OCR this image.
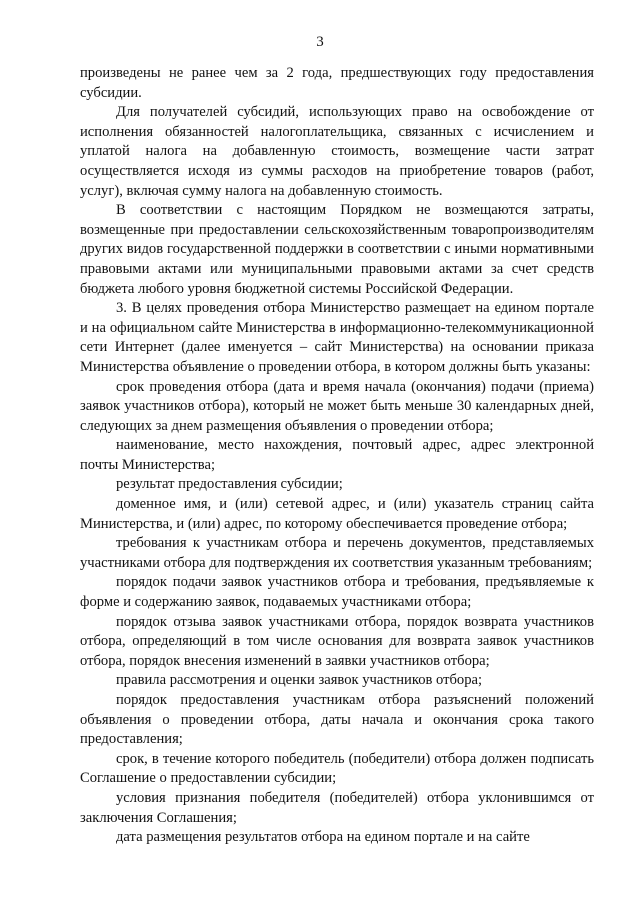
3

произведены не ранее чем за 2 года, предшествующих году предоставления субсидии.

Для получателей субсидий, использующих право на освобождение от исполнения обязанностей налогоплательщика, связанных с исчислением и уплатой налога на добавленную стоимость, возмещение части затрат осуществляется исходя из суммы расходов на приобретение товаров (работ, услуг), включая сумму налога на добавленную стоимость.

В соответствии с настоящим Порядком не возмещаются затраты, возмещенные при предоставлении сельскохозяйственным товаропроизводителям других видов государственной поддержки в соответствии с иными нормативными правовыми актами или муниципальными правовыми актами за счет средств бюджета любого уровня бюджетной системы Российской Федерации.

3. В целях проведения отбора Министерство размещает на едином портале и на официальном сайте Министерства в информационно-телекоммуникационной сети Интернет (далее именуется – сайт Министерства) на основании приказа Министерства объявление о проведении отбора, в котором должны быть указаны:

срок проведения отбора (дата и время начала (окончания) подачи (приема) заявок участников отбора), который не может быть меньше 30 календарных дней, следующих за днем размещения объявления о проведении отбора;

наименование, место нахождения, почтовый адрес, адрес электронной почты Министерства;

результат предоставления субсидии;

доменное имя, и (или) сетевой адрес, и (или) указатель страниц сайта Министерства, и (или) адрес, по которому обеспечивается проведение отбора;

требования к участникам отбора и перечень документов, представляемых участниками отбора для подтверждения их соответствия указанным требованиям;

порядок подачи заявок участников отбора и требования, предъявляемые к форме и содержанию заявок, подаваемых участниками отбора;

порядок отзыва заявок участниками отбора, порядок возврата участников отбора, определяющий в том числе основания для возврата заявок участников отбора, порядок внесения изменений в заявки участников отбора;

правила рассмотрения и оценки заявок участников отбора;

порядок предоставления участникам отбора разъяснений положений объявления о проведении отбора, даты начала и окончания срока такого предоставления;

срок, в течение которого победитель (победители) отбора должен подписать Соглашение о предоставлении субсидии;

условия признания победителя (победителей) отбора уклонившимся от заключения Соглашения;

дата размещения результатов отбора на едином портале и на сайте
